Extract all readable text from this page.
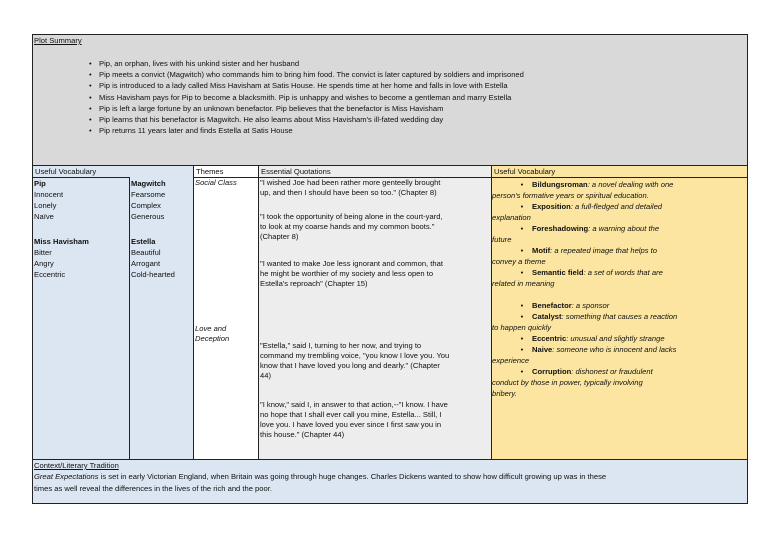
Plot Summary
• Pip, an orphan, lives with his unkind sister and her husband
• Pip meets a convict (Magwitch) who commands him to bring him food. The convict is later captured by soldiers and imprisoned
• Pip is introduced to a lady called Miss Havisham at Satis House. He spends time at her home and falls in love with Estella
• Miss Havisham pays for Pip to become a blacksmith. Pip is unhappy and wishes to become a gentleman and marry Estella
• Pip is left a large fortune by an unknown benefactor. Pip believes that the benefactor is Miss Havisham
• Pip learns that his benefactor is Magwitch. He also learns about Miss Havisham's ill-fated wedding day
• Pip returns 11 years later and finds Estella at Satis House
Useful Vocabulary
Pip
Innocent
Lonely
Naïve
Miss Havisham
Bitter
Angry
Eccentric
Magwitch
Fearsome
Complex
Generous
Estella
Beautiful
Arrogant
Cold-hearted
Themes
Social Class
Love and
Deception
Essential Quotations
"I wished Joe had been rather more genteelly brought
up, and then I should have been so too." (Chapter 8)
"I took the opportunity of being alone in the court-yard,
to look at my coarse hands and my common boots."
(Chapter 8)
"I wanted to make Joe less ignorant and common, that
he might be worthier of my society and less open to
Estella's reproach" (Chapter 15)
"Estella," said I, turning to her now, and trying to
command my trembling voice, "you know I love you. You
know that I have loved you long and dearly." (Chapter
44)
"I know," said I, in answer to that action,--"I know. I have
no hope that I shall ever call you mine, Estella... Still, I
love you. I have loved you ever since I first saw you in
this house." (Chapter 44)
Useful Vocabulary
• Bildungsroman: a novel dealing with one
person's formative years or spiritual education.
• Exposition: a full-fledged and detailed
explanation
• Foreshadowing: a warning about the
future
• Motif: a repeated image that helps to
convey a theme
• Semantic field: a set of words that are
related in meaning
• Benefactor: a sponsor
• Catalyst: something that causes a reaction
to happen quickly
• Eccentric: unusual and slightly strange
• Naive: someone who is innocent and lacks
experience
• Corruption: dishonest or fraudulent
conduct by those in power, typically involving
bribery.
Context/Literary Tradition
Great Expectations is set in early Victorian England, when Britain was going through huge changes. Charles Dickens wanted to show how difficult growing up was in these
times as well reveal the differences in the lives of the rich and the poor.
